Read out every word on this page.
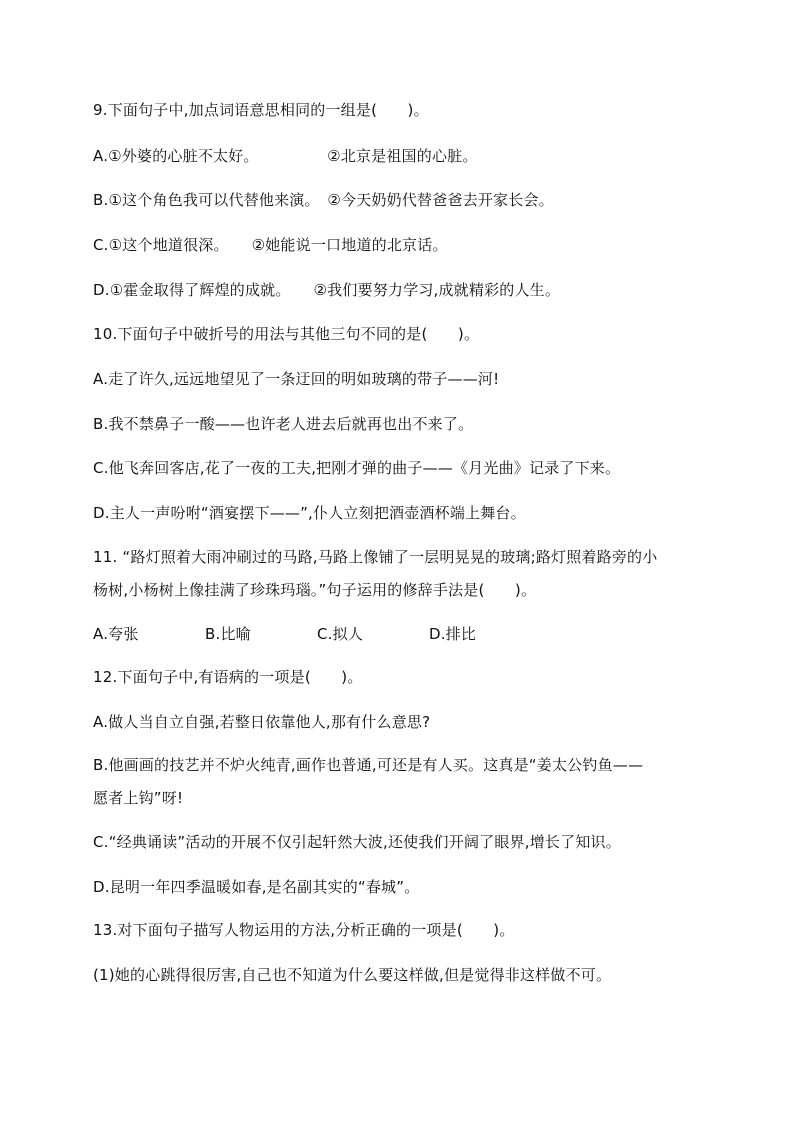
9.下面句子中,加点词语意思相同的一组是(　　)。
A.①外婆的心脏不太好。　　　　　②北京是祖国的心脏。
B.①这个角色我可以代替他来演。　②今天奶奶代替爸爸去开家长会。
C.①这个地道很深。　　②她能说一口地道的北京话。
D.①霍金取得了辉煌的成就。　　②我们要努力学习,成就精彩的人生。
10.下面句子中破折号的用法与其他三句不同的是(　　)。
A.走了许久,远远地望见了一条迂回的明如玻璃的带子——河!
B.我不禁鼻子一酸——也许老人进去后就再也出不来了。
C.他飞奔回客店,花了一夜的工夫,把刚才弹的曲子——《月光曲》记录了下来。
D.主人一声吩咐“酒宴摆下——”,仆人立刻把酒壶酒杯端上舞台。
11. “路灯照着大雨冲刷过的马路,马路上像铺了一层明晃晃的玻璃;路灯照着路旁的小
杨树,小杨树上像挂满了珍珠玛瑙。”句子运用的修辞手法是(　　)。
A.夸张	B.比喻	C.拟人	D.排比
12.下面句子中,有语病的一项是(　　)。
A.做人当自立自强,若整日依靠他人,那有什么意思?
B.他画画的技艺并不炉火纯青,画作也普通,可还是有人买。这真是“姜太公钓鱼——
愿者上钩”呀!
C.“经典诵读”活动的开展不仅引起轩然大波,还使我们开阔了眼界,增长了知识。
D.昆明一年四季温暖如春,是名副其实的“春城”。
13.对下面句子描写人物运用的方法,分析正确的一项是(　　)。
(1)她的心跳得很厉害,自己也不知道为什么要这样做,但是觉得非这样做不可。
